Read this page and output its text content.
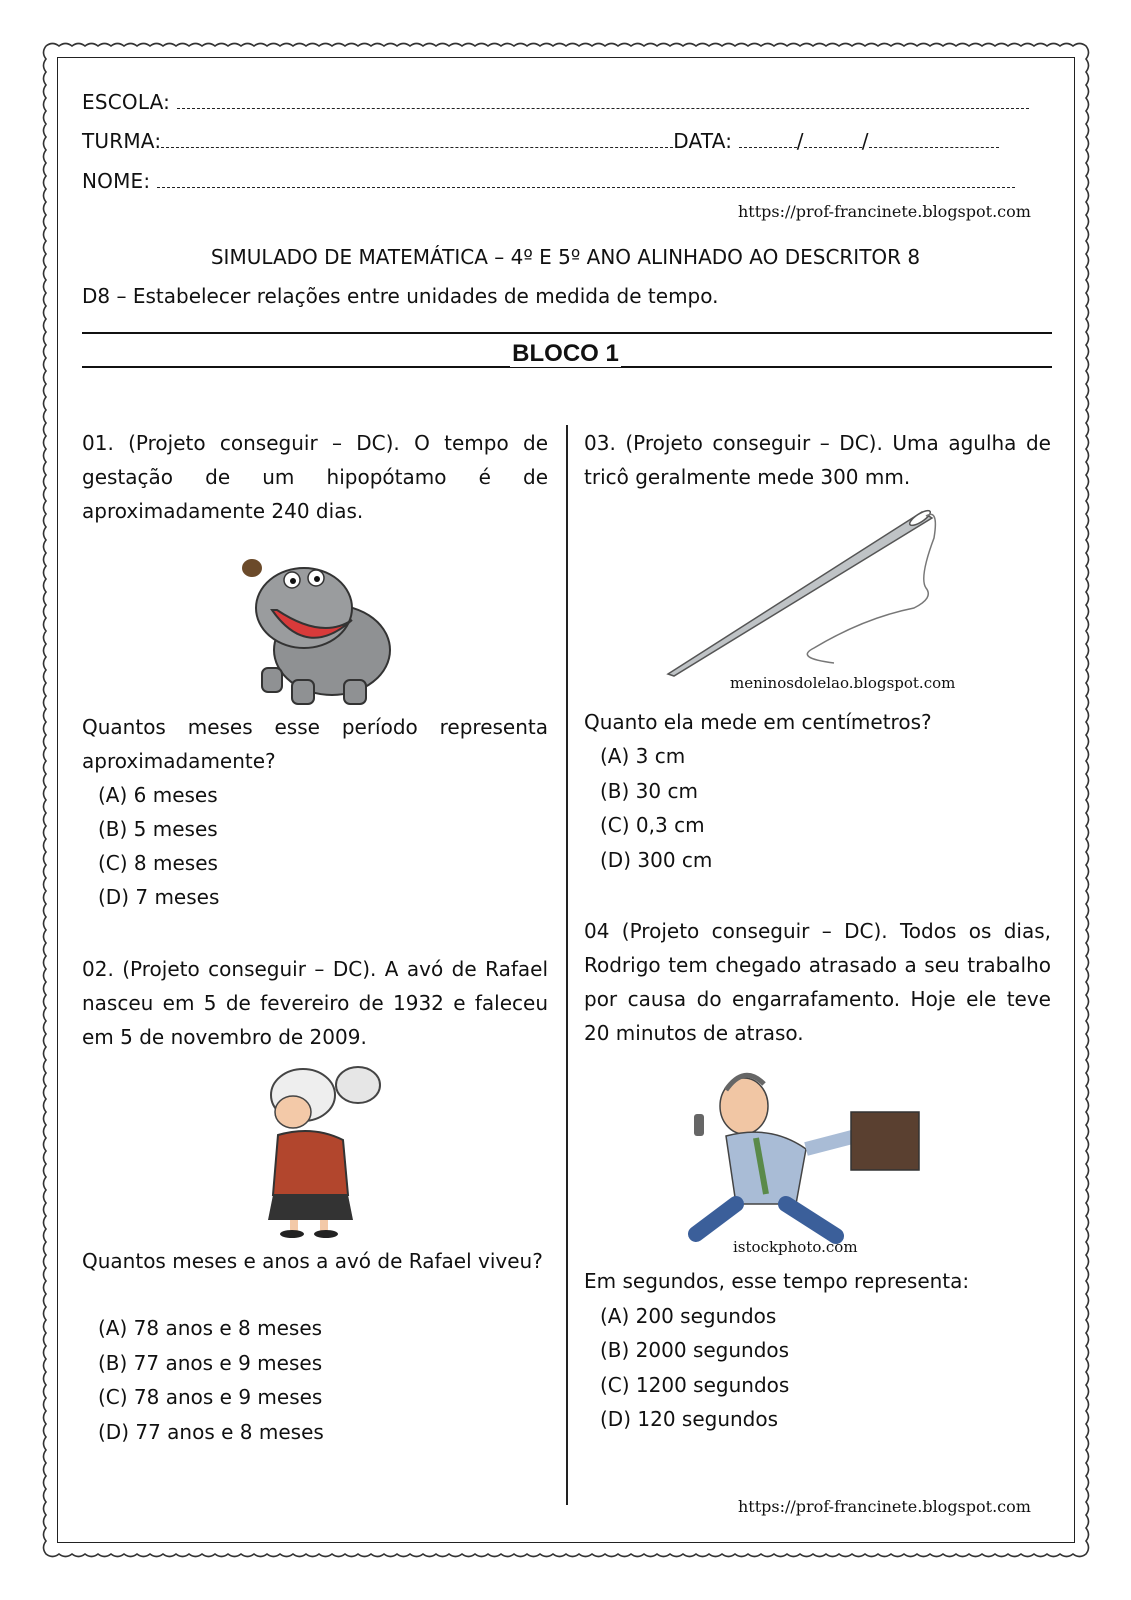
ESCOLA:
TURMA:	DATA:	/	/
NOME:
https://prof-francinete.blogspot.com
SIMULADO DE MATEMÁTICA – 4º E 5º ANO ALINHADO AO DESCRITOR 8
D8 – Estabelecer relações entre unidades de medida de tempo.
BLOCO 1
01. (Projeto conseguir – DC). O tempo de gestação de um hipopótamo é de aproximadamente 240 dias.
Quantos meses esse período representa aproximadamente?
(A) 6 meses
(B) 5 meses
(C) 8 meses
(D) 7 meses
02. (Projeto conseguir – DC). A avó de Rafael nasceu em 5 de fevereiro de 1932 e faleceu em 5 de novembro de 2009.
Quantos meses e anos a avó de Rafael viveu?
(A) 78 anos e 8 meses
(B) 77 anos e 9 meses
(C) 78 anos e 9 meses
(D) 77 anos e 8 meses
03. (Projeto conseguir – DC). Uma agulha de tricô geralmente mede 300 mm.
meninosdolelao.blogspot.com
Quanto ela mede em centímetros?
(A) 3 cm
(B) 30 cm
(C) 0,3 cm
(D) 300 cm
04 (Projeto conseguir – DC). Todos os dias, Rodrigo tem chegado atrasado a seu trabalho por causa do engarrafamento. Hoje ele teve 20 minutos de atraso.
istockphoto.com
Em segundos, esse tempo representa:
(A) 200 segundos
(B) 2000 segundos
(C) 1200 segundos
(D) 120 segundos
https://prof-francinete.blogspot.com
